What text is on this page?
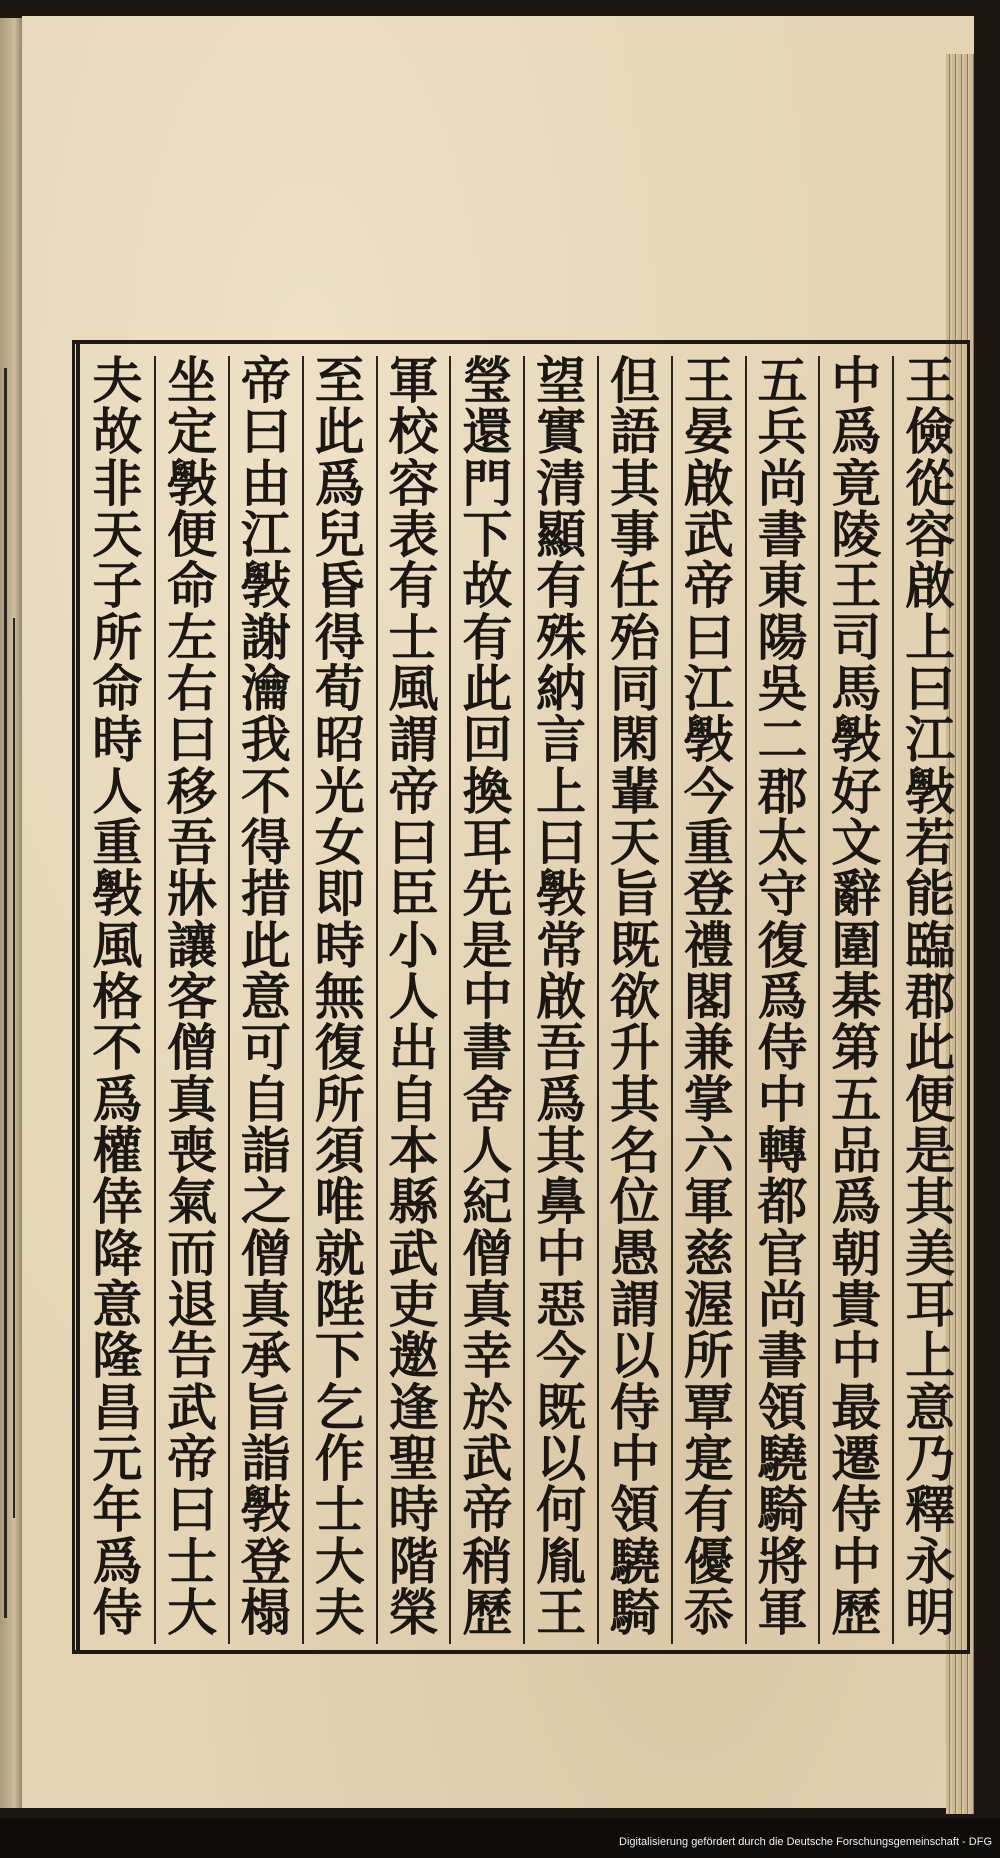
王
儉
從
容
啟
上
曰
江
斅
若
能
臨
郡
此
便
是
其
美
耳
上
意
乃
釋
永
明
中
爲
竟
陵
王
司
馬
斅
好
文
辭
圍
棊
第
五
品
爲
朝
貴
中
最
遷
侍
中
歷
五
兵
尚
書
東
陽
吳
二
郡
太
守
復
爲
侍
中
轉
都
官
尚
書
領
驍
騎
將
軍
王
晏
啟
武
帝
曰
江
斅
今
重
登
禮
閣
兼
掌
六
軍
慈
渥
所
覃
寔
有
優
忝
但
語
其
事
任
殆
同
閑
輩
天
旨
既
欲
升
其
名
位
愚
謂
以
侍
中
領
驍
騎
望
實
清
顯
有
殊
納
言
上
曰
斅
常
啟
吾
爲
其
鼻
中
惡
今
既
以
何
胤
王
瑩
還
門
下
故
有
此
回
換
耳
先
是
中
書
舍
人
紀
僧
真
幸
於
武
帝
稍
歷
軍
校
容
表
有
士
風
謂
帝
曰
臣
小
人
出
自
本
縣
武
吏
邀
逢
聖
時
階
榮
至
此
爲
兒
昏
得
荀
昭
光
女
即
時
無
復
所
須
唯
就
陛
下
乞
作
士
大
夫
帝
曰
由
江
斅
謝
瀹
我
不
得
措
此
意
可
自
詣
之
僧
真
承
旨
詣
斅
登
榻
坐
定
斅
便
命
左
右
曰
移
吾
牀
讓
客
僧
真
喪
氣
而
退
告
武
帝
曰
士
大
夫
故
非
天
子
所
命
時
人
重
斅
風
格
不
爲
權
倖
降
意
隆
昌
元
年
爲
侍
Digitalisierung gefördert durch die Deutsche Forschungsgemeinschaft - DFG
